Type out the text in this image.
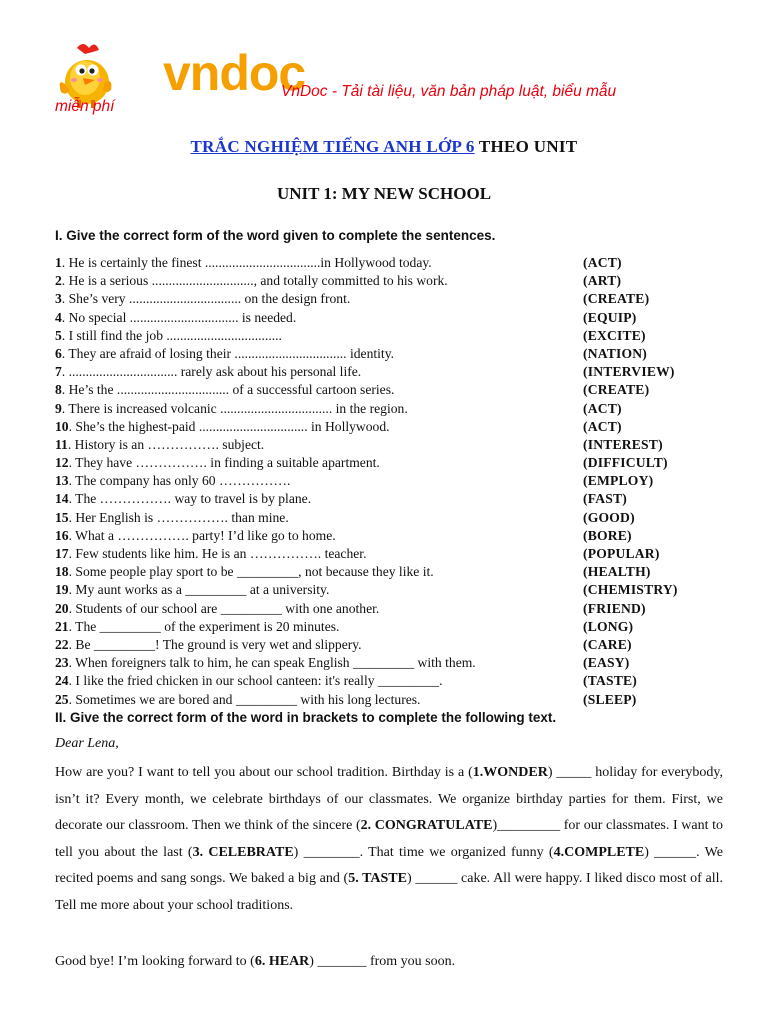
vndoc
VnDoc - Tải tài liệu, văn bản pháp luật, biểu mẫu
miễn phí
TRẮC NGHIỆM TIẾNG ANH LỚP 6 THEO UNIT
UNIT 1: MY NEW SCHOOL
I. Give the correct form of the word given to complete the sentences.
1. He is certainly the finest ..................................in Hollywood today.	(ACT)
2. He is a serious .............................., and totally committed to his work.	(ART)
3. She’s very ................................. on the design front.	(CREATE)
4. No special ................................ is needed.	(EQUIP)
5. I still find the job ..................................	(EXCITE)
6. They are afraid of losing their ................................. identity.	(NATION)
7. ................................ rarely ask about his personal life.	(INTERVIEW)
8. He’s the ................................. of a successful cartoon series.	(CREATE)
9. There is increased volcanic ................................. in the region.	(ACT)
10. She’s the highest-paid ................................ in Hollywood.	(ACT)
11. History is an ……………. subject.	(INTEREST)
12. They have ……………. in finding a suitable apartment.	(DIFFICULT)
13. The company has only 60 …………….	(EMPLOY)
14. The ……………. way to travel is by plane.	(FAST)
15. Her English is ……………. than mine.	(GOOD)
16. What a ……………. party! I’d like go to home.	(BORE)
17. Few students like him. He is an ……………. teacher.	(POPULAR)
18. Some people play sport to be _________, not because they like it.	(HEALTH)
19. My aunt works as a _________ at a university.	(CHEMISTRY)
20. Students of our school are _________ with one another.	(FRIEND)
21. The _________ of the experiment is 20 minutes.	(LONG)
22. Be _________! The ground is very wet and slippery.	(CARE)
23. When foreigners talk to him, he can speak English _________ with them.	(EASY)
24. I like the fried chicken in our school canteen: it's really _________.	(TASTE)
25. Sometimes we are bored and _________ with his long lectures.	(SLEEP)
II. Give the correct form of the word in brackets to complete the following text.
Dear Lena,
How are you? I want to tell you about our school tradition. Birthday is a (1.WONDER) _____ holiday for everybody, isn’t it? Every month, we celebrate birthdays of our classmates. We organize birthday parties for them. First, we decorate our classroom. Then we think of the sincere (2. CONGRATULATE)_________ for our classmates. I want to tell you about the last (3. CELEBRATE) ________. That time we organized funny (4.COMPLETE) ______. We recited poems and sang songs. We baked a big and (5. TASTE) ______ cake. All were happy. I liked disco most of all. Tell me more about your school traditions.
Good bye! I’m looking forward to (6. HEAR) _______ from you soon.
